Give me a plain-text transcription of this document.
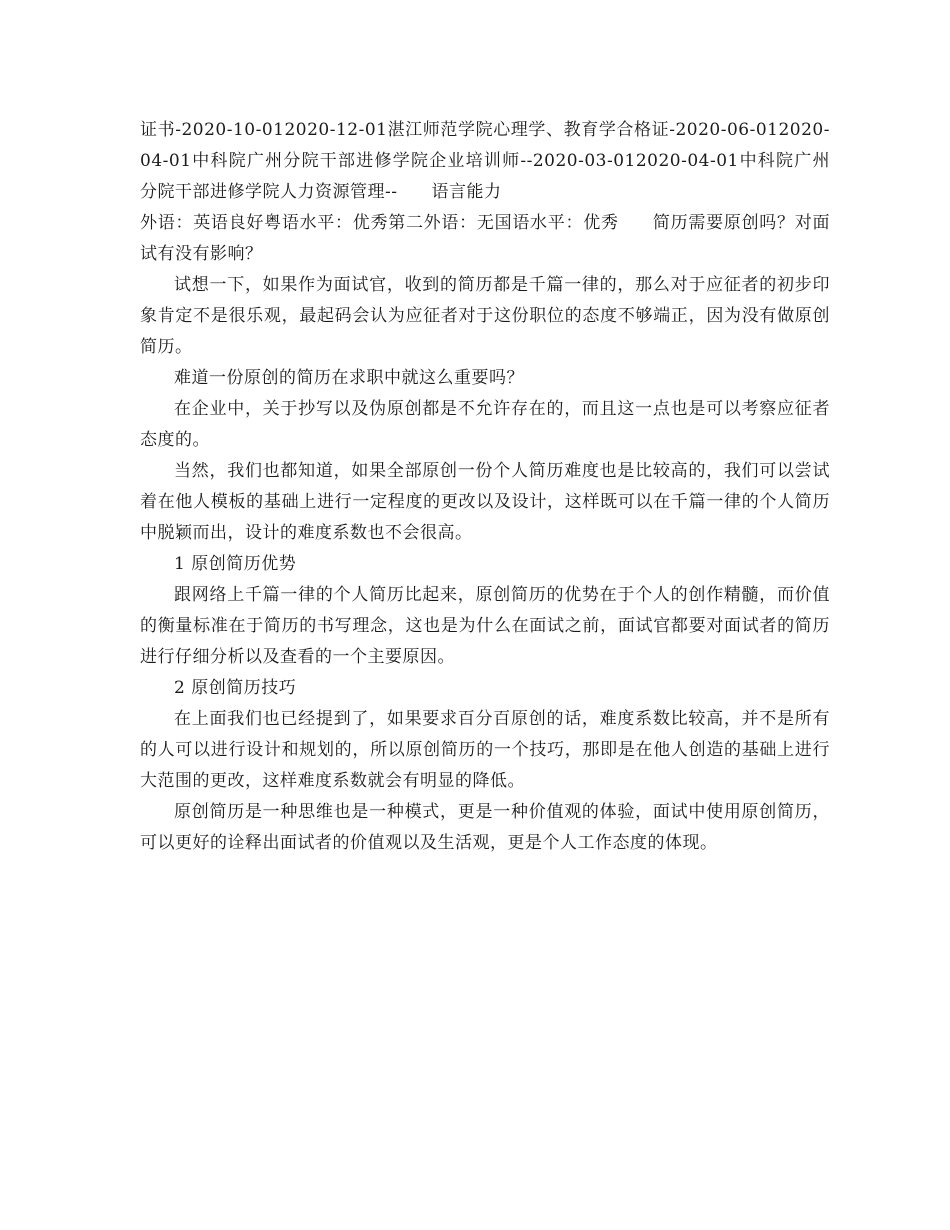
证书-2020-10-012020-12-01湛江师范学院心理学、教育学合格证-2020-06-012020-04-01中科院广州分院干部进修学院企业培训师--2020-03-012020-04-01中科院广州分院干部进修学院人力资源管理-- 语言能力
外语：英语良好粤语水平：优秀第二外语：无国语水平：优秀 简历需要原创吗？对面试有没有影响？

试想一下，如果作为面试官，收到的简历都是千篇一律的，那么对于应征者的初步印象肯定不是很乐观，最起码会认为应征者对于这份职位的态度不够端正，因为没有做原创简历。

难道一份原创的简历在求职中就这么重要吗？

在企业中，关于抄写以及伪原创都是不允许存在的，而且这一点也是可以考察应征者态度的。

当然，我们也都知道，如果全部原创一份个人简历难度也是比较高的，我们可以尝试着在他人模板的基础上进行一定程度的更改以及设计，这样既可以在千篇一律的个人简历中脱颖而出，设计的难度系数也不会很高。

1 原创简历优势

跟网络上千篇一律的个人简历比起来，原创简历的优势在于个人的创作精髓，而价值的衡量标准在于简历的书写理念，这也是为什么在面试之前，面试官都要对面试者的简历进行仔细分析以及查看的一个主要原因。

2 原创简历技巧

在上面我们也已经提到了，如果要求百分百原创的话，难度系数比较高，并不是所有的人可以进行设计和规划的，所以原创简历的一个技巧，那即是在他人创造的基础上进行大范围的更改，这样难度系数就会有明显的降低。

原创简历是一种思维也是一种模式，更是一种价值观的体验，面试中使用原创简历，可以更好的诠释出面试者的价值观以及生活观，更是个人工作态度的体现。
